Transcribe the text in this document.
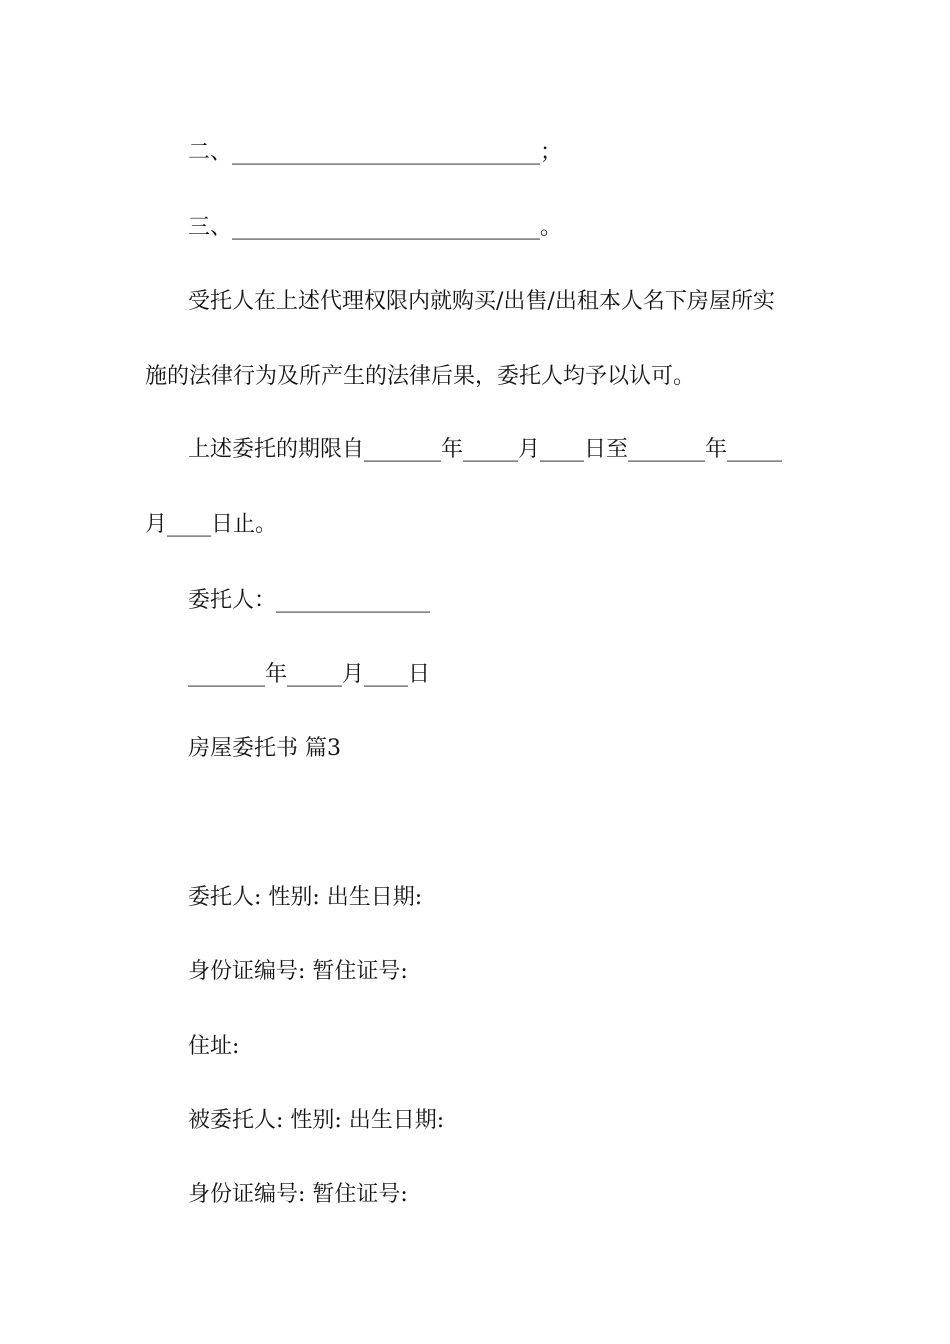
二、____________________________；
三、____________________________。
受托人在上述代理权限内就购买/出售/出租本人名下房屋所实
施的法律行为及所产生的法律后果，委托人均予以认可。
上述委托的期限自_______年_____月____日至_______年_____
月____日止。
委托人：______________
_______年_____月____日
房屋委托书 篇3
委托人: 性别: 出生日期:
身份证编号: 暂住证号:
住址:
被委托人: 性别: 出生日期:
身份证编号: 暂住证号:
